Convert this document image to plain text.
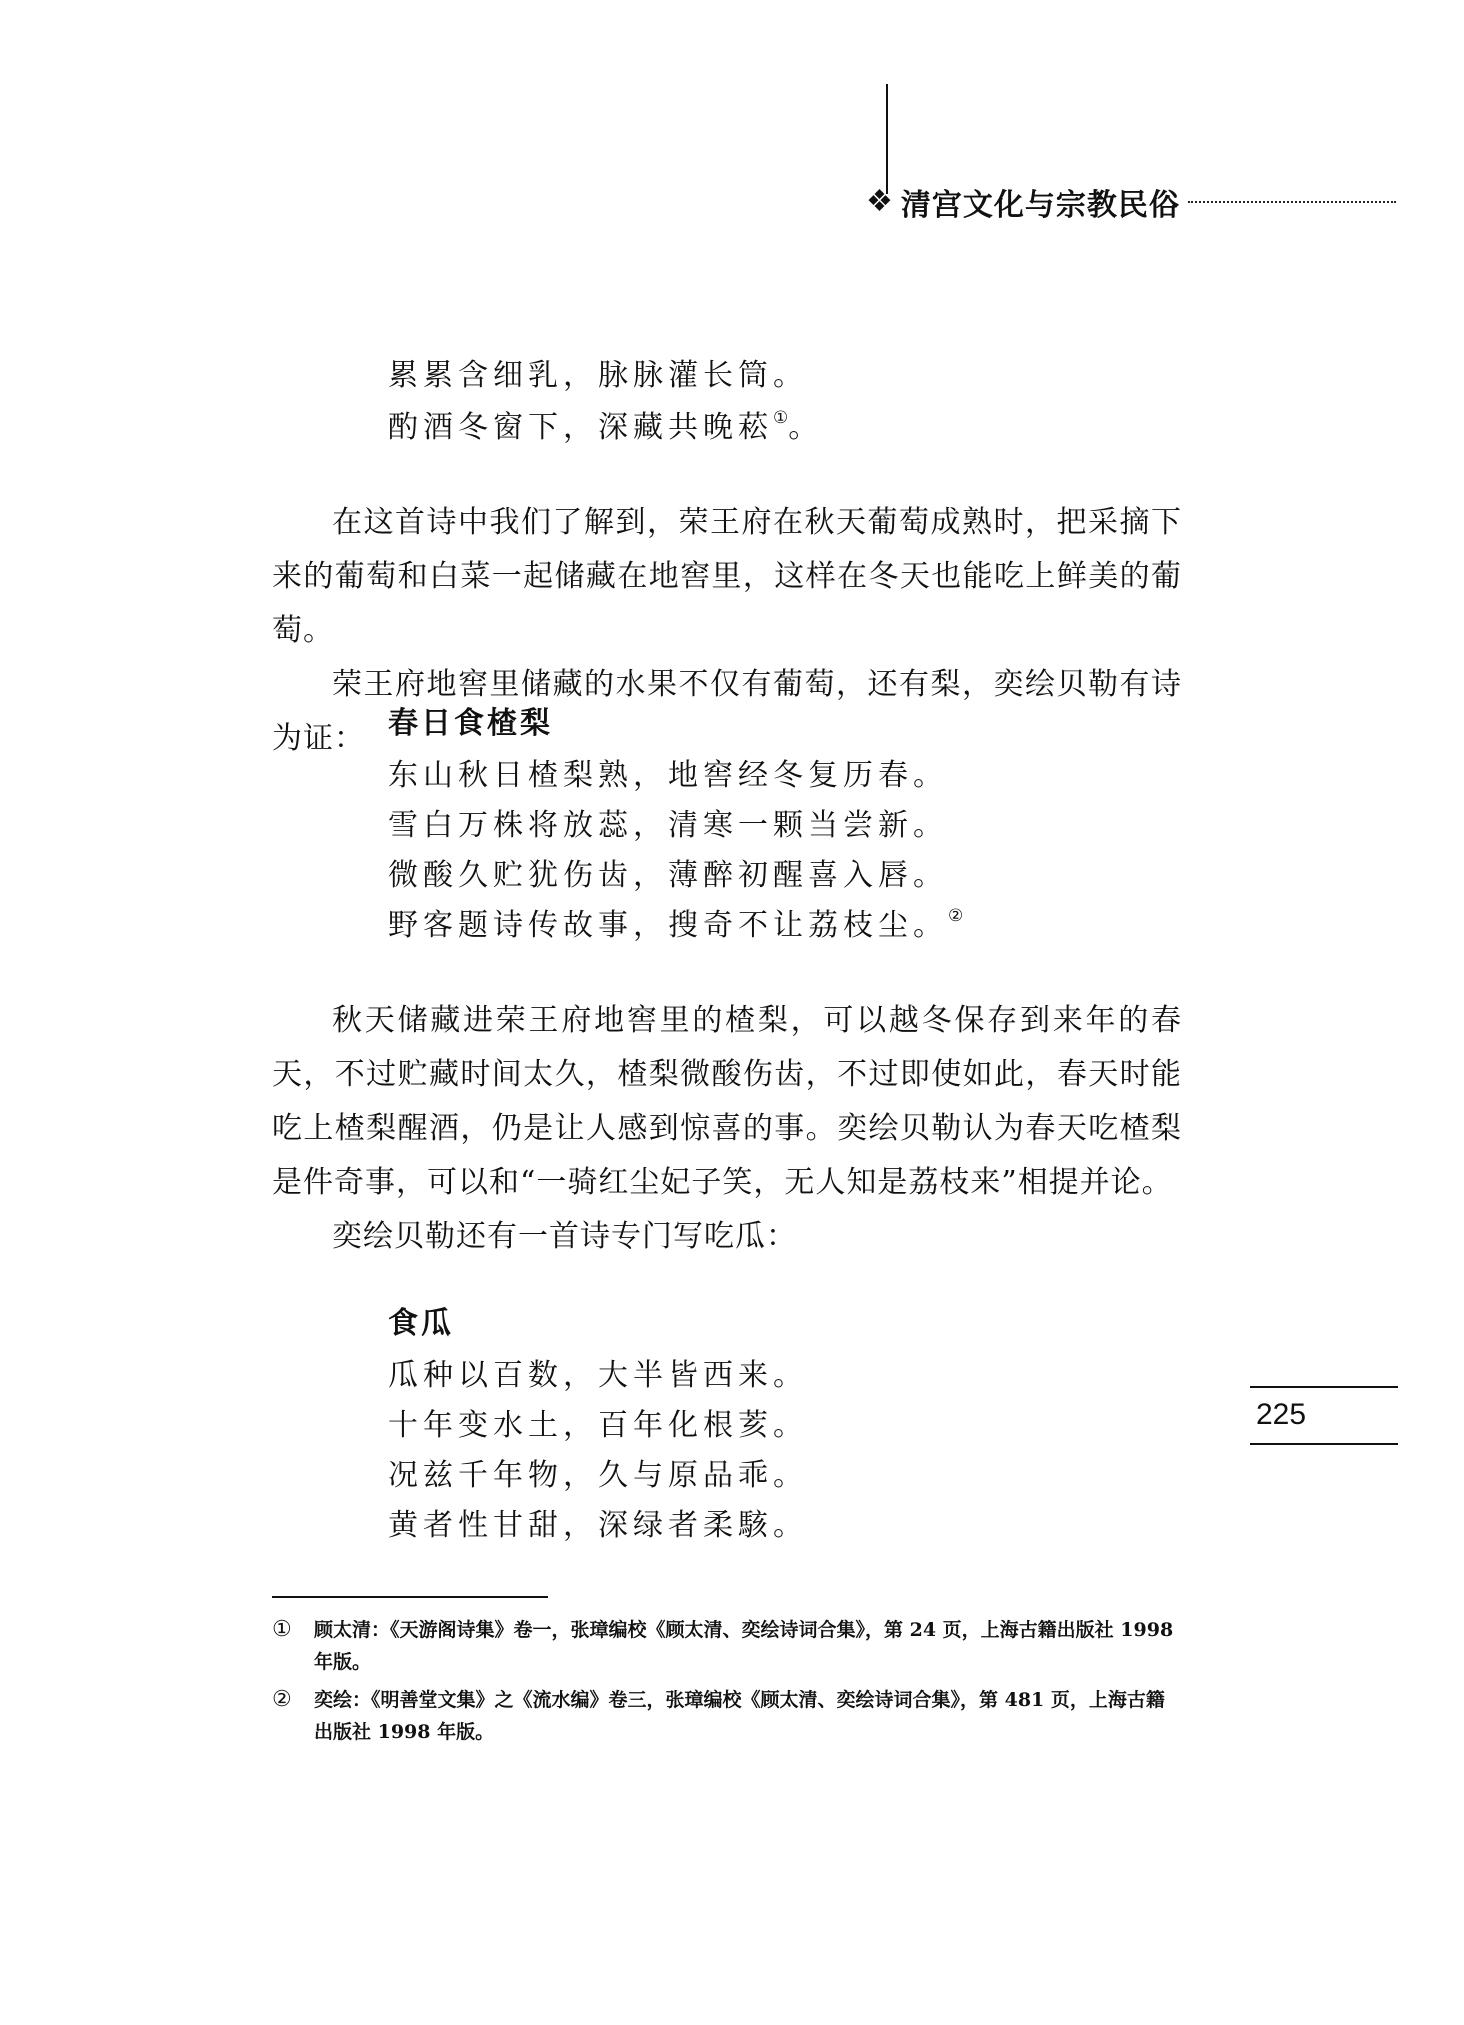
❖ 清宫文化与宗教民俗
累累含细乳，脉脉灌长筒。
酌酒冬窗下，深藏共晚菘①。

在这首诗中我们了解到，荣王府在秋天葡萄成熟时，把采摘下来的葡萄和白菜一起储藏在地窖里，这样在冬天也能吃上鲜美的葡萄。

荣王府地窖里储藏的水果不仅有葡萄，还有梨，奕绘贝勒有诗为证： 春日食楂梨
东山秋日楂梨熟，地窖经冬复历春。
雪白万株将放蕊，清寒一颗当尝新。
微酸久贮犹伤齿，薄醉初醒喜入唇。
野客题诗传故事，搜奇不让荔枝尘。②

秋天储藏进荣王府地窖里的楂梨，可以越冬保存到来年的春天，不过贮藏时间太久，楂梨微酸伤齿，不过即使如此，春天时能吃上楂梨醒酒，仍是让人感到惊喜的事。奕绘贝勒认为春天吃楂梨是件奇事，可以和“一骑红尘妃子笑，无人知是荔枝来”相提并论。

奕绘贝勒还有一首诗专门写吃瓜：

食瓜
瓜种以百数，大半皆西来。
十年变水土，百年化根荄。
况兹千年物，久与原品乖。
黄者性甘甜，深绿者柔駭。
225
①	顾太清：《天游阁诗集》卷一，张璋编校《顾太清、奕绘诗词合集》，第 24 页，上海古籍出版社 1998 年版。
②	奕绘：《明善堂文集》之《流水编》卷三，张璋编校《顾太清、奕绘诗词合集》，第 481 页，上海古籍出版社 1998 年版。
